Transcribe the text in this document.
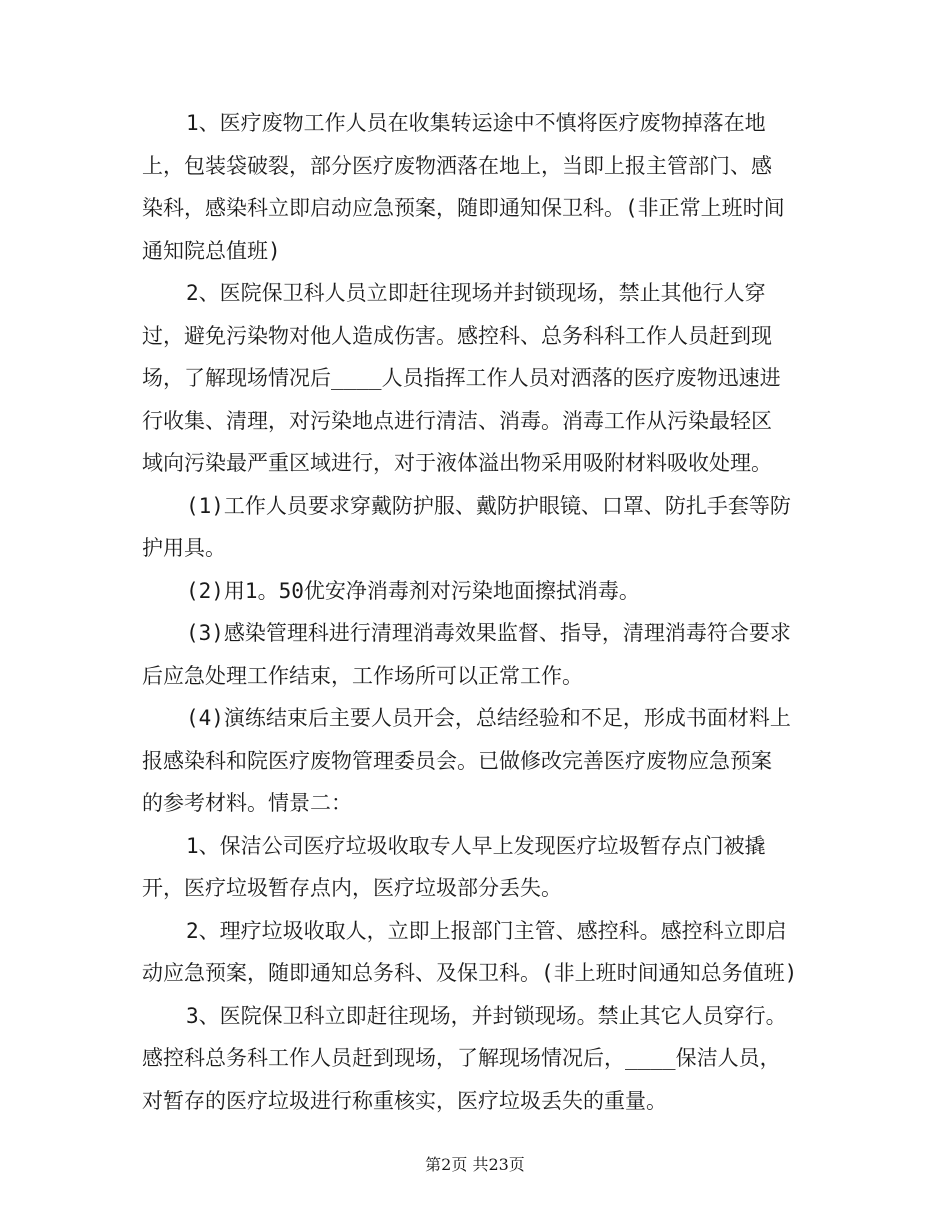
1、医疗废物工作人员在收集转运途中不慎将医疗废物掉落在地
上，包装袋破裂，部分医疗废物洒落在地上，当即上报主管部门、感
染科，感染科立即启动应急预案，随即通知保卫科。(非正常上班时间
通知院总值班)
2、医院保卫科人员立即赶往现场并封锁现场，禁止其他行人穿
过，避免污染物对他人造成伤害。感控科、总务科科工作人员赶到现
场，了解现场情况后____人员指挥工作人员对洒落的医疗废物迅速进
行收集、清理，对污染地点进行清洁、消毒。消毒工作从污染最轻区
域向污染最严重区域进行，对于液体溢出物采用吸附材料吸收处理。
(1)工作人员要求穿戴防护服、戴防护眼镜、口罩、防扎手套等防
护用具。
(2)用1。50优安净消毒剂对污染地面擦拭消毒。
(3)感染管理科进行清理消毒效果监督、指导，清理消毒符合要求
后应急处理工作结束，工作场所可以正常工作。
(4)演练结束后主要人员开会，总结经验和不足，形成书面材料上
报感染科和院医疗废物管理委员会。已做修改完善医疗废物应急预案
的参考材料。情景二：
1、保洁公司医疗垃圾收取专人早上发现医疗垃圾暂存点门被撬
开，医疗垃圾暂存点内，医疗垃圾部分丢失。
2、理疗垃圾收取人，立即上报部门主管、感控科。感控科立即启
动应急预案，随即通知总务科、及保卫科。(非上班时间通知总务值班)
3、医院保卫科立即赶往现场，并封锁现场。禁止其它人员穿行。
感控科总务科工作人员赶到现场，了解现场情况后，____保洁人员，
对暂存的医疗垃圾进行称重核实，医疗垃圾丢失的重量。
第2页 共23页
